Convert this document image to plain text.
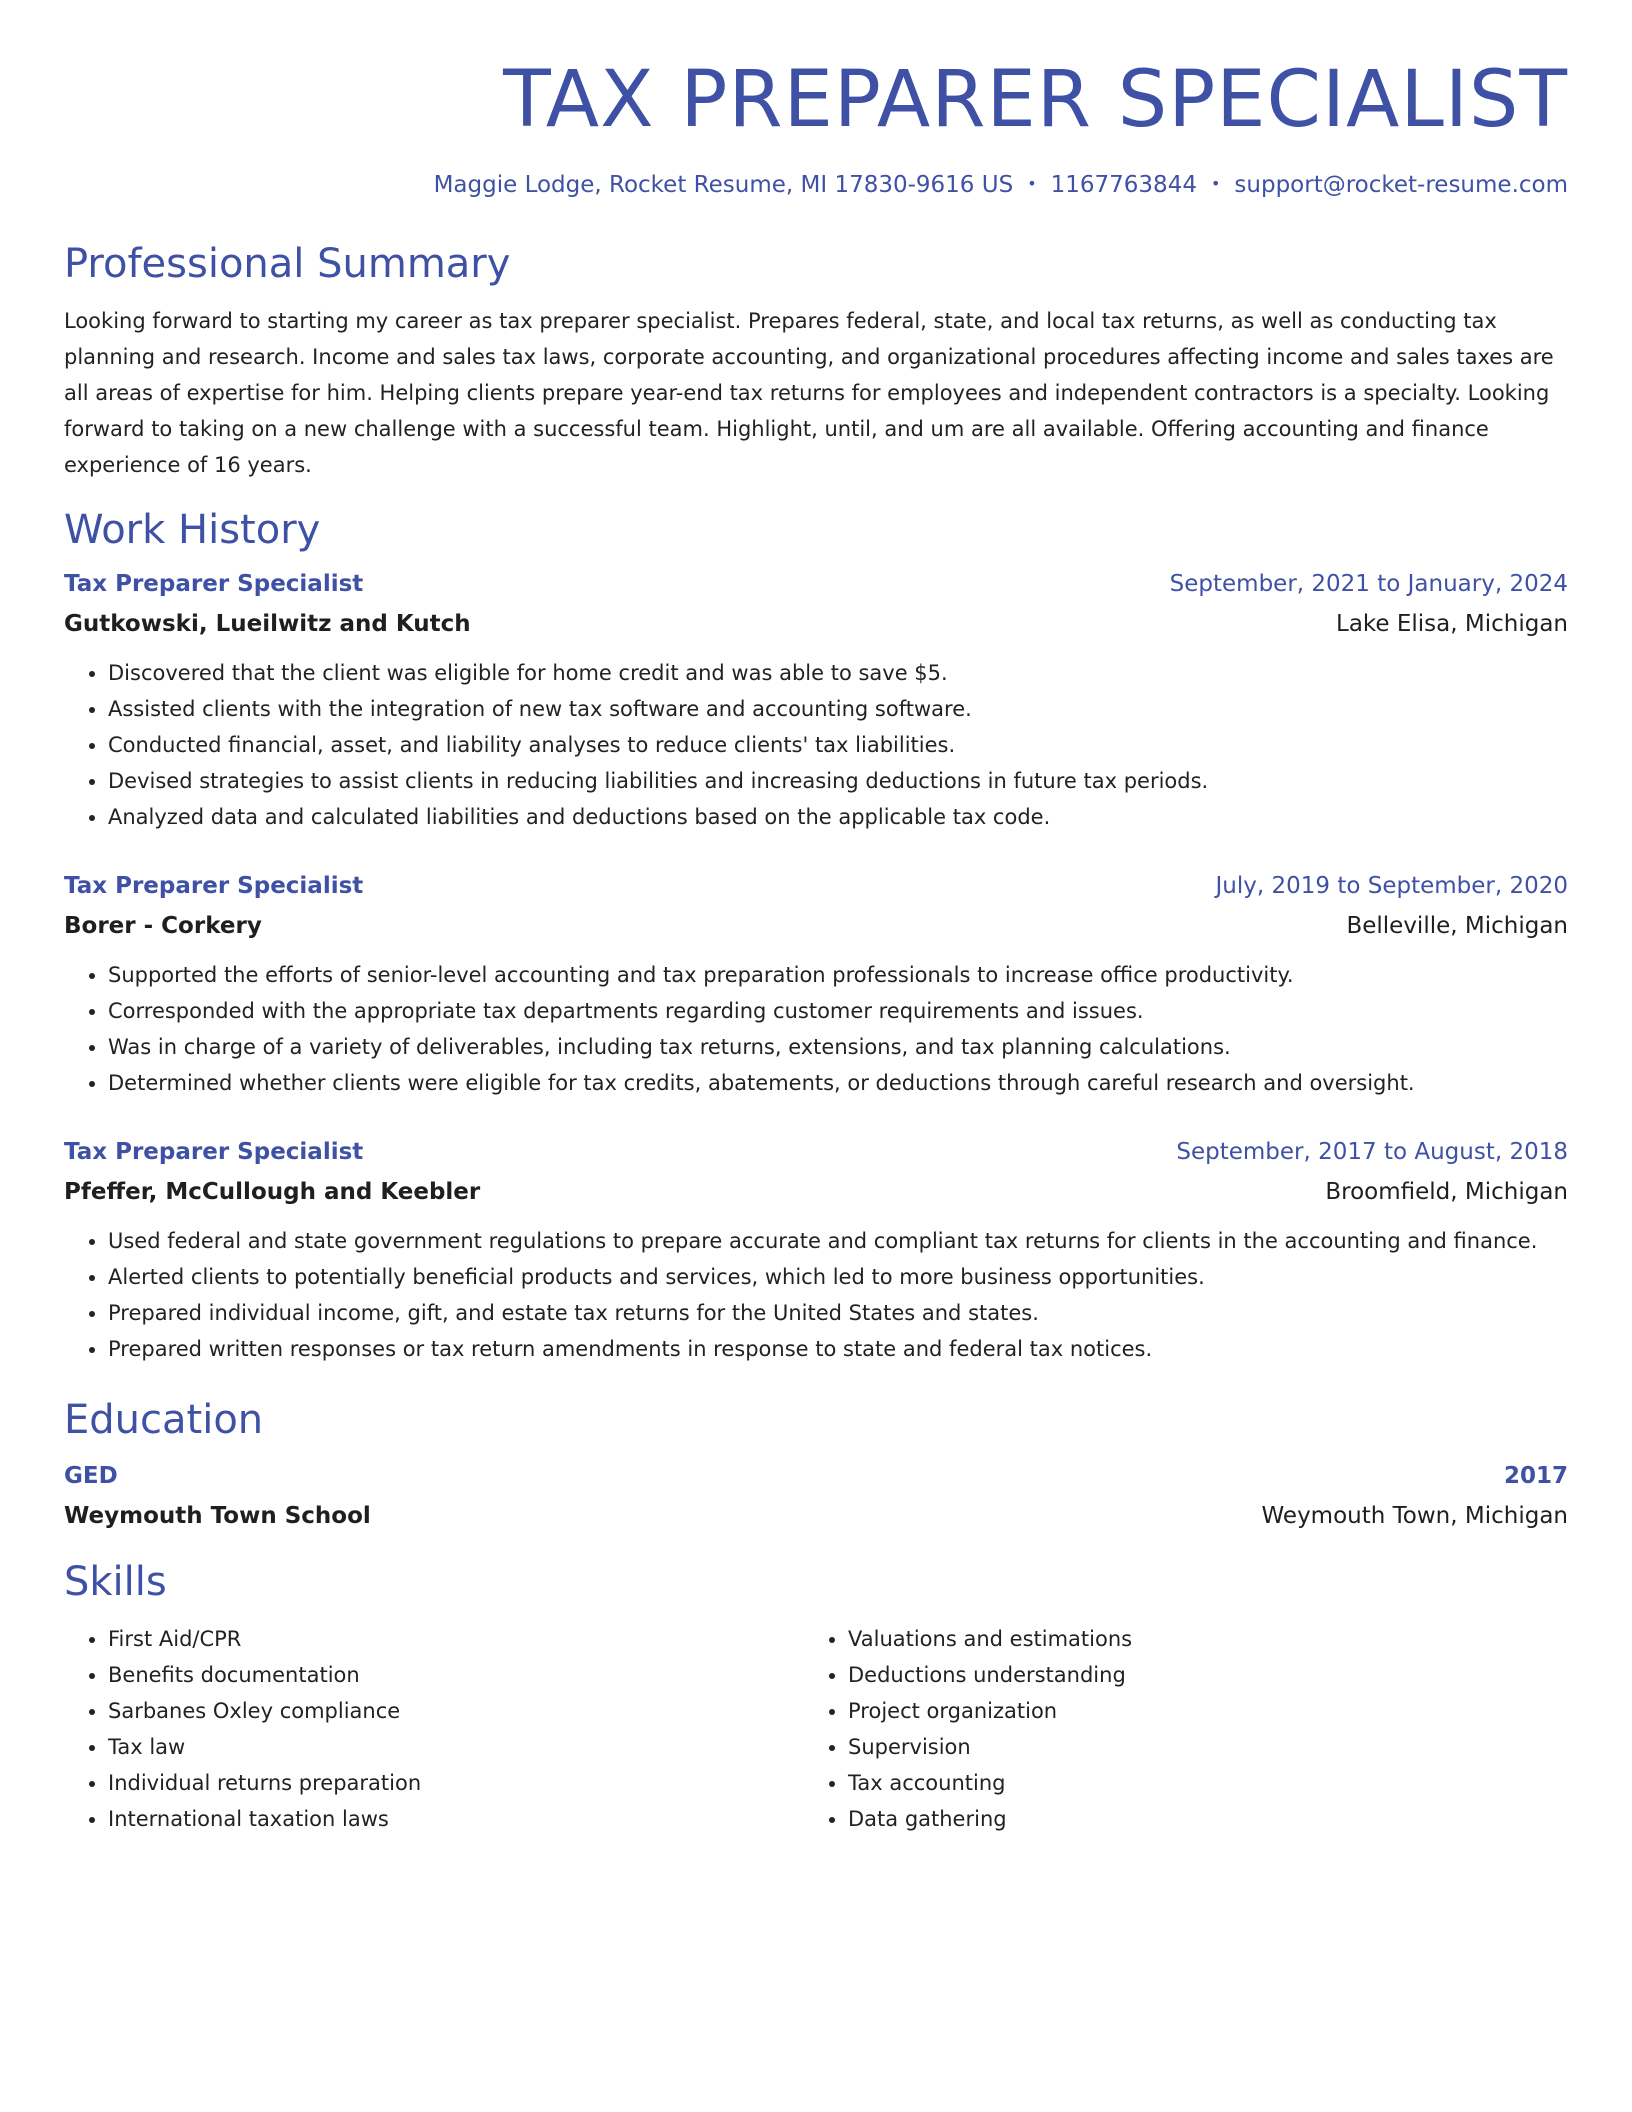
TAX PREPARER SPECIALIST
Maggie Lodge, Rocket Resume, MI 17830-9616 US • 1167763844 • support@rocket-resume.com
Professional Summary
Looking forward to starting my career as tax preparer specialist. Prepares federal, state, and local tax returns, as well as conducting tax planning and research. Income and sales tax laws, corporate accounting, and organizational procedures affecting income and sales taxes are all areas of expertise for him. Helping clients prepare year-end tax returns for employees and independent contractors is a specialty. Looking forward to taking on a new challenge with a successful team. Highlight, until, and um are all available. Offering accounting and finance experience of 16 years.
Work History
Tax Preparer Specialist	September, 2021 to January, 2024
Gutkowski, Lueilwitz and Kutch	Lake Elisa, Michigan
• Discovered that the client was eligible for home credit and was able to save $5.
• Assisted clients with the integration of new tax software and accounting software.
• Conducted financial, asset, and liability analyses to reduce clients' tax liabilities.
• Devised strategies to assist clients in reducing liabilities and increasing deductions in future tax periods.
• Analyzed data and calculated liabilities and deductions based on the applicable tax code.
Tax Preparer Specialist	July, 2019 to September, 2020
Borer - Corkery	Belleville, Michigan
• Supported the efforts of senior-level accounting and tax preparation professionals to increase office productivity.
• Corresponded with the appropriate tax departments regarding customer requirements and issues.
• Was in charge of a variety of deliverables, including tax returns, extensions, and tax planning calculations.
• Determined whether clients were eligible for tax credits, abatements, or deductions through careful research and oversight.
Tax Preparer Specialist	September, 2017 to August, 2018
Pfeffer, McCullough and Keebler	Broomfield, Michigan
• Used federal and state government regulations to prepare accurate and compliant tax returns for clients in the accounting and finance.
• Alerted clients to potentially beneficial products and services, which led to more business opportunities.
• Prepared individual income, gift, and estate tax returns for the United States and states.
• Prepared written responses or tax return amendments in response to state and federal tax notices.
Education
GED	2017
Weymouth Town School	Weymouth Town, Michigan
Skills
• First Aid/CPR
• Benefits documentation
• Sarbanes Oxley compliance
• Tax law
• Individual returns preparation
• International taxation laws
• Valuations and estimations
• Deductions understanding
• Project organization
• Supervision
• Tax accounting
• Data gathering
